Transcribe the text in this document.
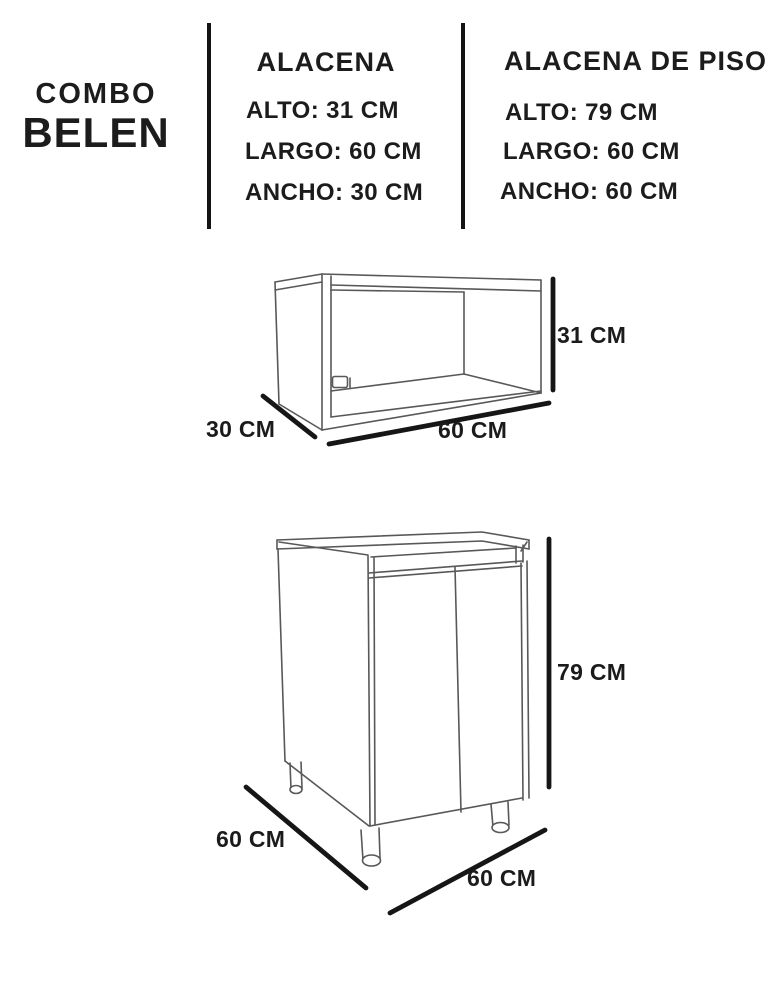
COMBO
BELEN
ALACENA
ALTO: 31 CM
LARGO: 60 CM
ANCHO: 30 CM
ALACENA DE PISO
ALTO: 79 CM
LARGO: 60 CM
ANCHO: 60 CM
30 CM	60 CM
31 CM
79 CM
60 CM
60 CM
